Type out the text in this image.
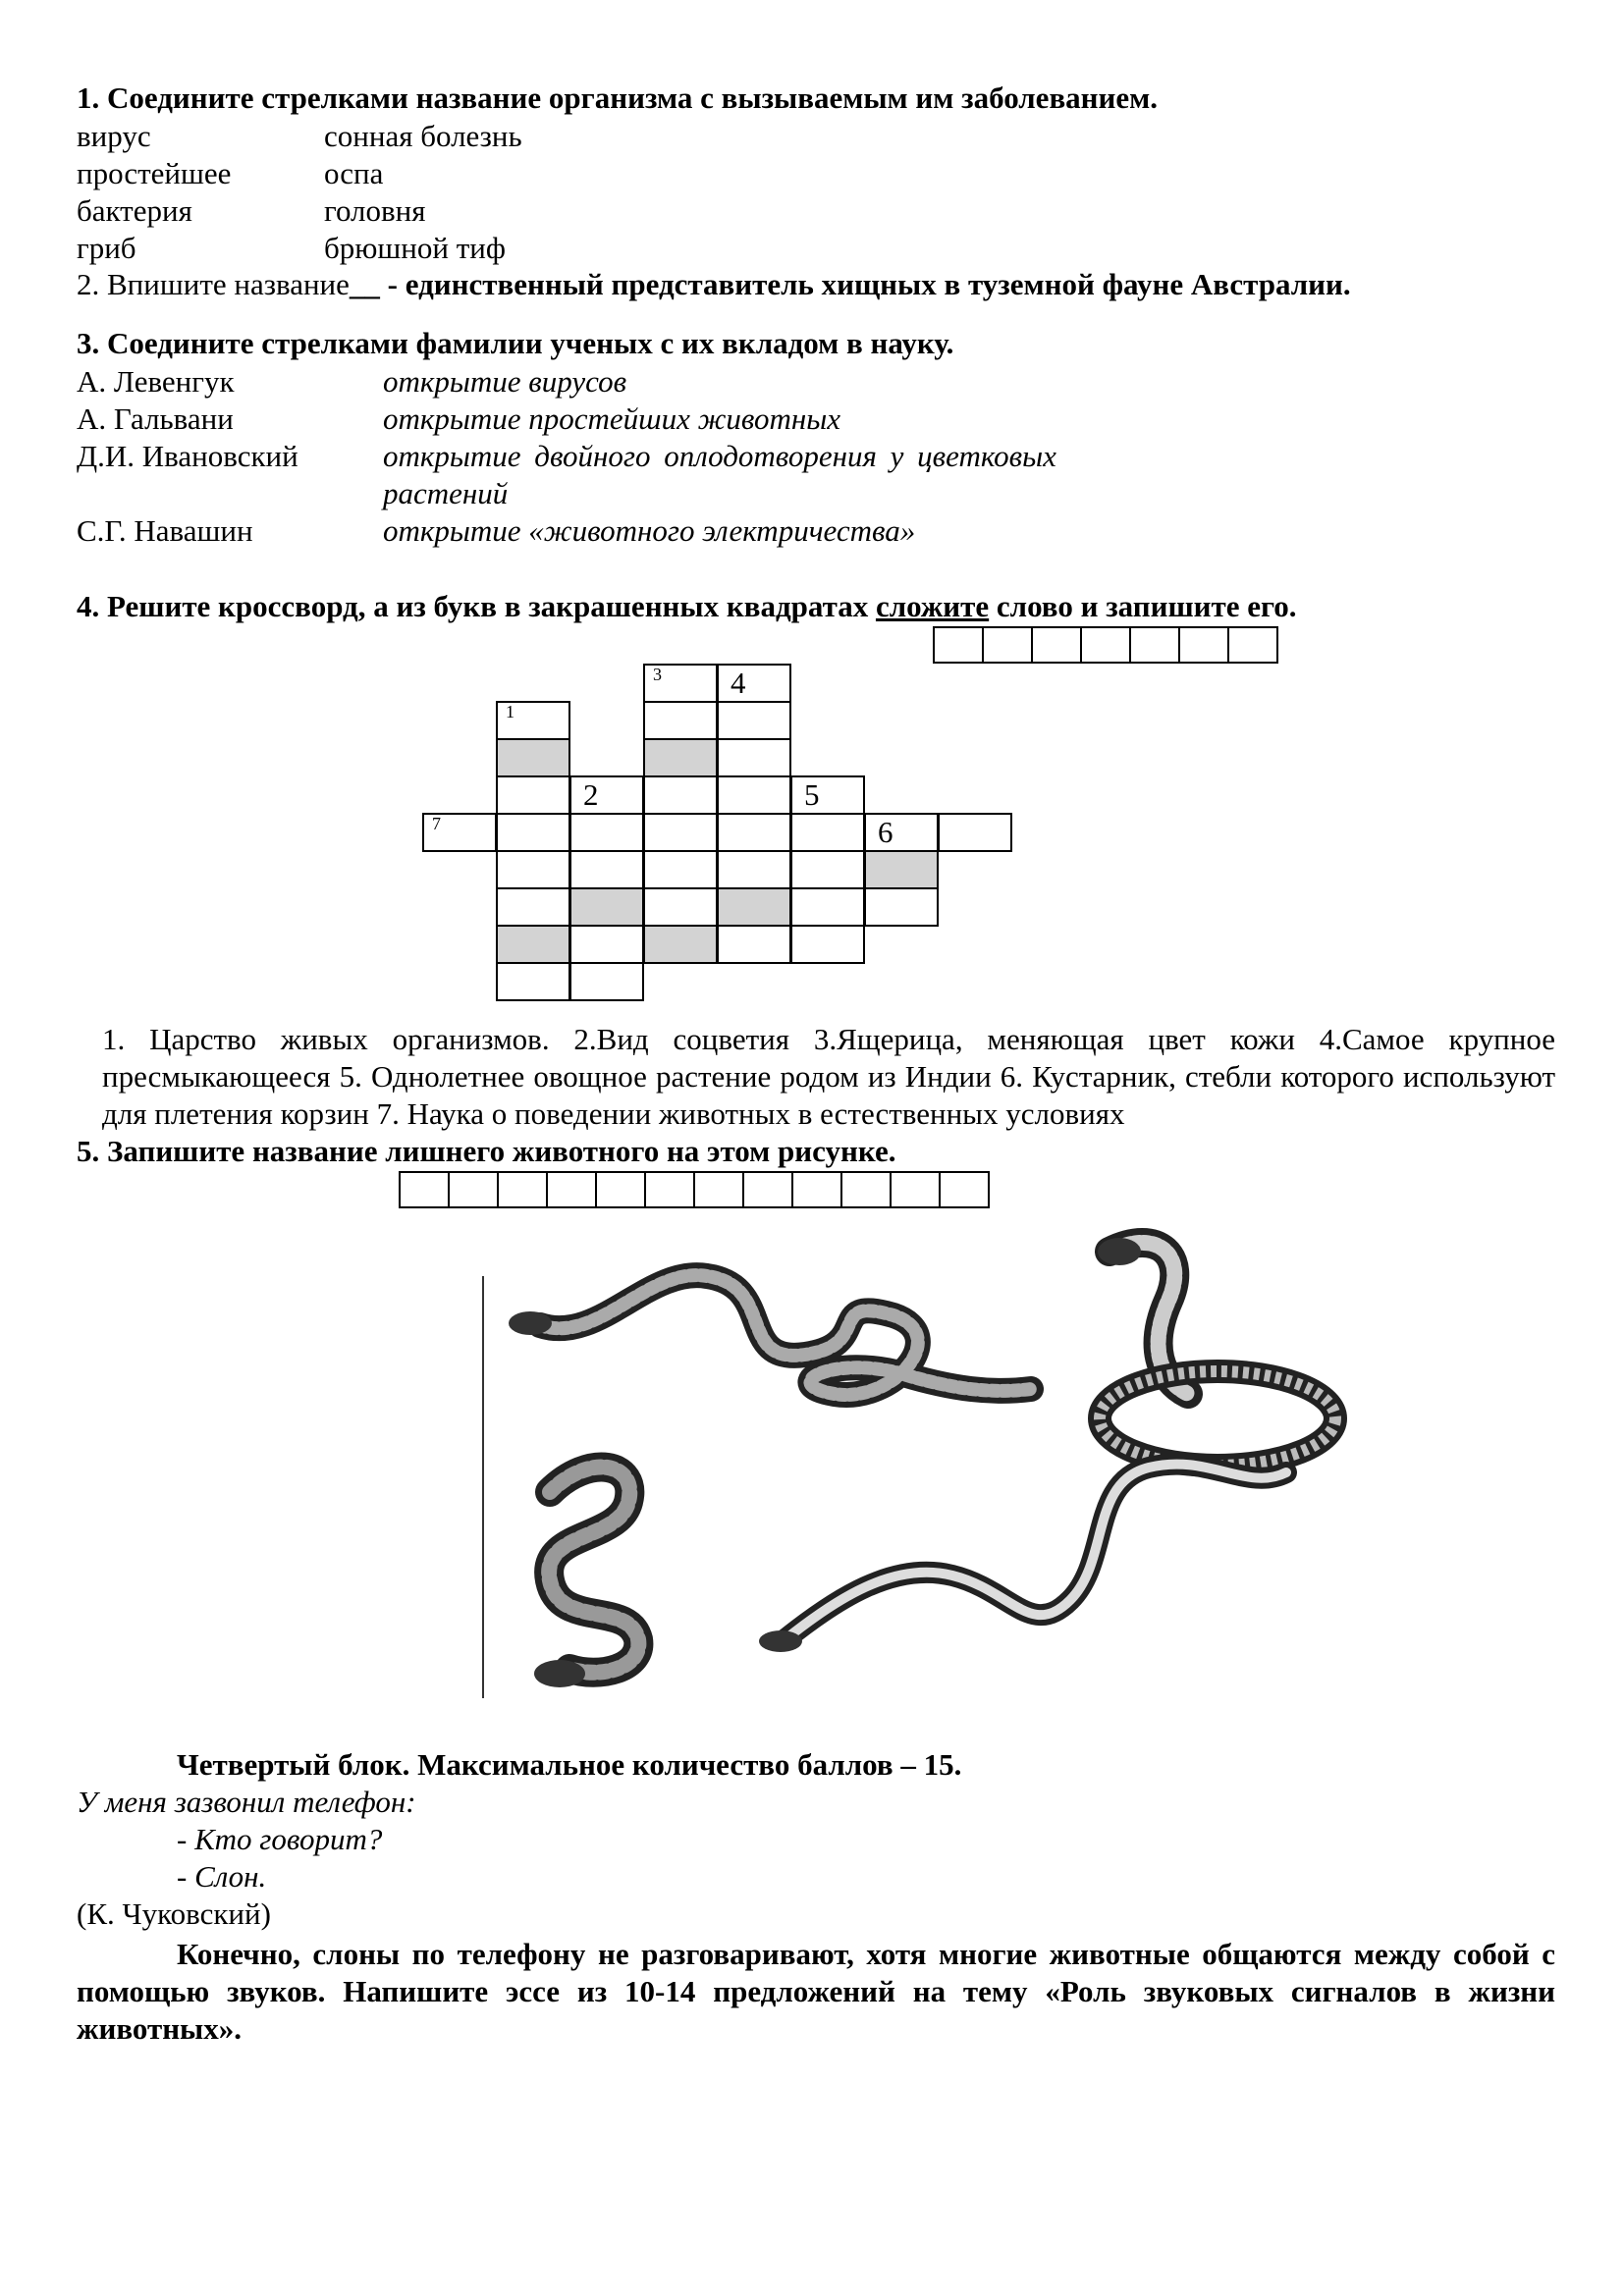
1. Соедините стрелками название организма с вызываемым им заболеванием.
вирус	сонная болезнь
простейшее	оспа
бактерия	головня
гриб	брюшной тиф
2. Впишите название__ - единственный представитель хищных в туземной фауне Австралии.
3. Соедините стрелками фамилии ученых с их вкладом в науку.
А. Левенгук	открытие вирусов
А. Гальвани	открытие простейших животных
Д.И. Ивановский	открытие двойного оплодотворения у цветковых
растений
С.Г. Навашин	открытие «животного электричества»
4. Решите кроссворд, а из букв в закрашенных квадратах сложите слово и запишите его.
3 4
1
2	5
7	6
1. Царство живых организмов. 2.Вид соцветия 3.Ящерица, меняющая цвет кожи 4.Самое крупное пресмыкающееся 5. Однолетнее овощное растение родом из Индии 6. Кустарник, стебли которого используют для плетения корзин 7. Наука о поведении животных в естественных условиях
5. Запишите название лишнего животного на этом рисунке.
Четвертый блок. Максимальное количество баллов – 15.
У меня зазвонил телефон:
- Кто говорит?
- Слон.
(К. Чуковский)
Конечно, слоны по телефону не разговаривают, хотя многие животные общаются между собой с помощью звуков. Напишите эссе из 10-14 предложений на тему «Роль звуковых сигналов в жизни животных».
